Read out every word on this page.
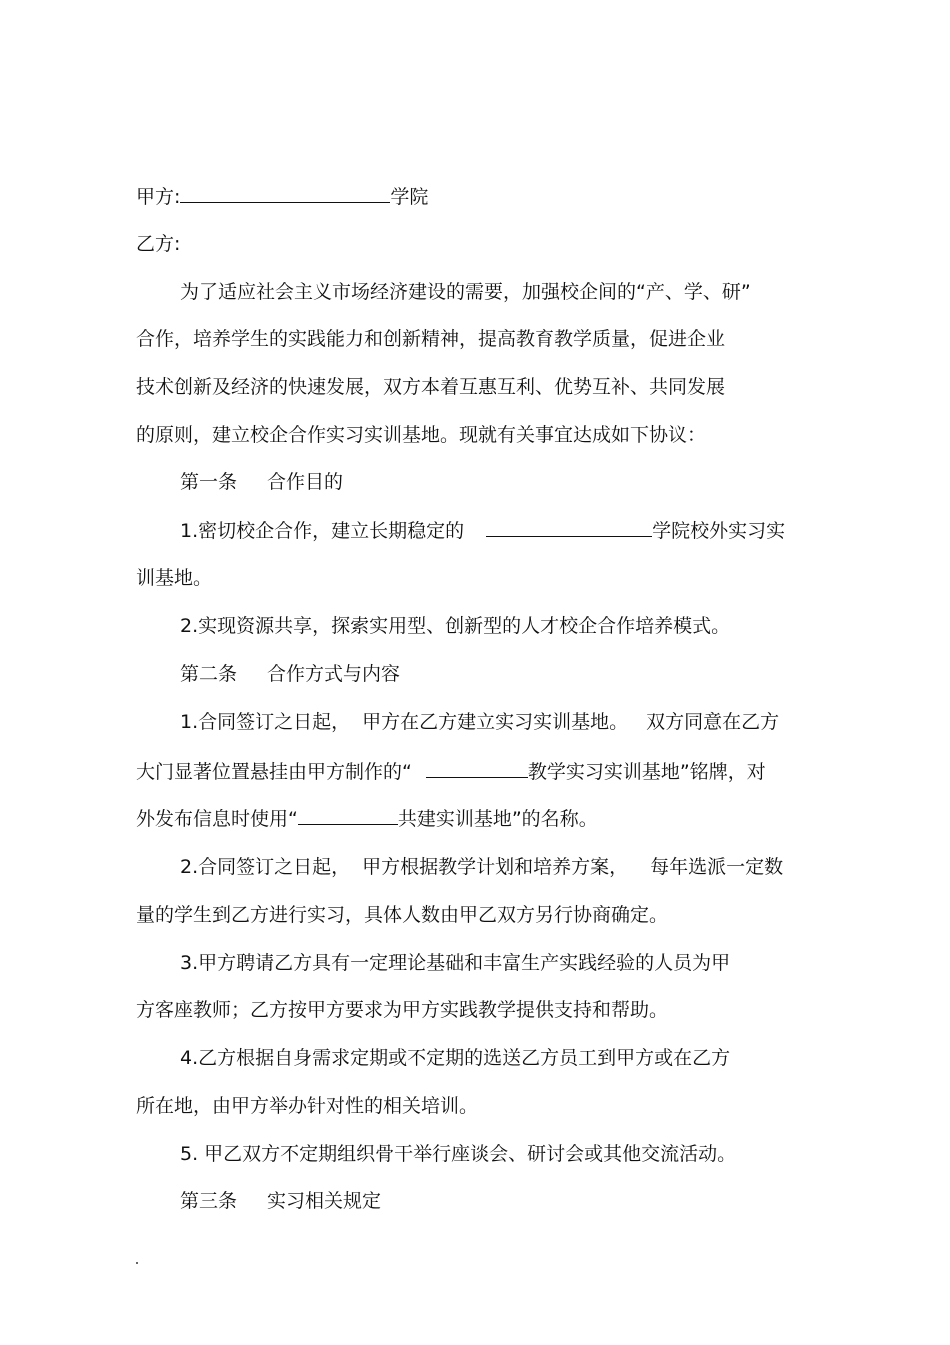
甲方:	学院
乙方:
为了适应社会主义市场经济建设的需要，加强校企间的“产、学、研”
合作，培养学生的实践能力和创新精神，提高教育教学质量，促进企业
技术创新及经济的快速发展，双方本着互惠互利、优势互补、共同发展
的原则，建立校企合作实习实训基地。现就有关事宜达成如下协议：
第一条 合作目的
1.密切校企合作，建立长期稳定的	学院校外实习实
训基地。
2.实现资源共享，探索实用型、创新型的人才校企合作培养模式。
第二条 合作方式与内容
1.合同签订之日起， 甲方在乙方建立实习实训基地。 双方同意在乙方
大门显著位置悬挂由甲方制作的“	教学实习实训基地”铭牌，对
外发布信息时使用“	共建实训基地”的名称。
2.合同签订之日起， 甲方根据教学计划和培养方案， 每年选派一定数
量的学生到乙方进行实习，具体人数由甲乙双方另行协商确定。
3.甲方聘请乙方具有一定理论基础和丰富生产实践经验的人员为甲
方客座教师；乙方按甲方要求为甲方实践教学提供支持和帮助。
4.乙方根据自身需求定期或不定期的选送乙方员工到甲方或在乙方
所在地，由甲方举办针对性的相关培训。
5. 甲乙双方不定期组织骨干举行座谈会、研讨会或其他交流活动。
第三条 实习相关规定
